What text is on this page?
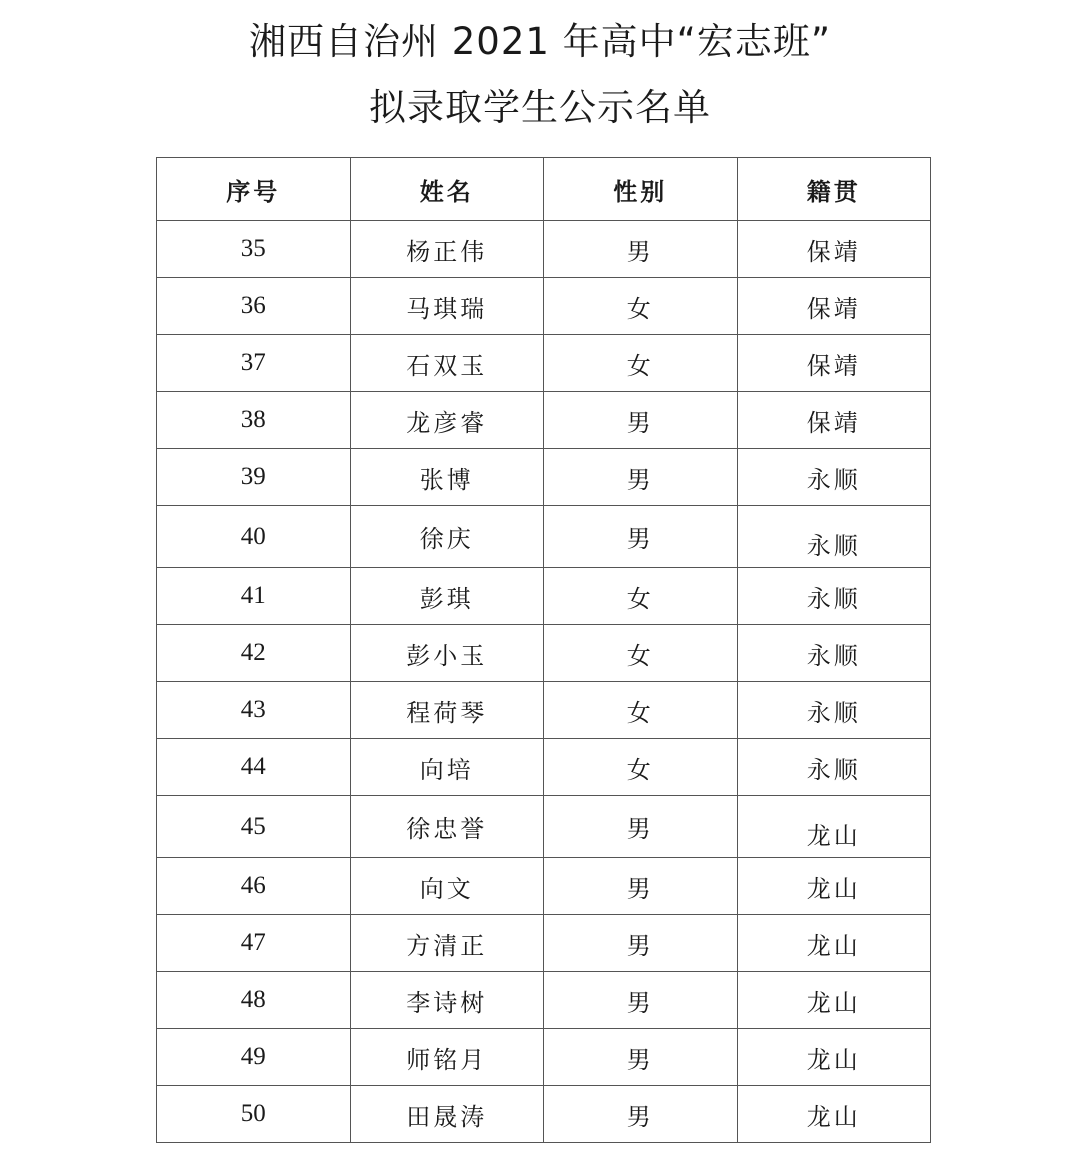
湘西自治州 2021 年高中“宏志班”
拟录取学生公示名单
序号	姓名	性别	籍贯
35	杨正伟	男	保靖
36	马琪瑞	女	保靖
37	石双玉	女	保靖
38	龙彦睿	男	保靖
39	张博	男	永顺
40	徐庆	男	永顺
41	彭琪	女	永顺
42	彭小玉	女	永顺
43	程荷琴	女	永顺
44	向培	女	永顺
45	徐忠誉	男	龙山
46	向文	男	龙山
47	方清正	男	龙山
48	李诗树	男	龙山
49	师铭月	男	龙山
50	田晟涛	男	龙山
